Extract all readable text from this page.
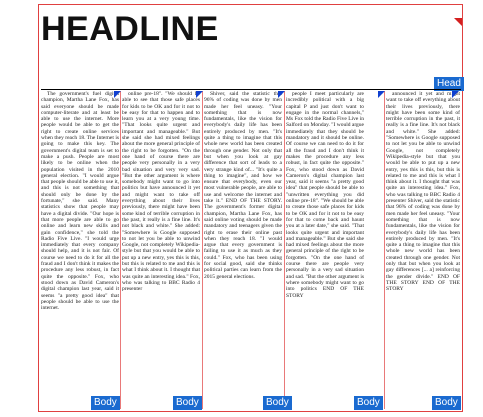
HEADLINE
Head

The government's fuel digital champion, Martha Lane Fox, has said everyone should be made computer-literate and at least be able to use the internet. More people would be able to get the right to create online services when they reach 18. The Internet is going to make this key. The government's digital team is set to make a push. People are most likely to be online when the population visited in the 2010 general election. "I would argue that people should be able to use it, and this is not something that should only be done by the fortunate," she said. Many statistics show that people may have a digital divide. "Our hope is that more people are able to go online and learn new skills and gain confidence," she told the Radio Five Live. "I would urge immediately that every company should help, and it is not fair. Of course we need to do it for all the fraud and I don't think it makes the procedure any less robust, in fact quite the opposite." Fox, who stood down as David Cameron's digital champion last year, said it seems "a pretty good idea" that people should be able to use the internet.

online pre-18". "We should be able to see that those safe places for kids to be OK and for it not to be easy for that to happen and to learn you at a very young time. "That looks quite urgent and important and manageable." But she said she had mixed feelings about the more general principle of the right to be forgotten. "On the one hand of course there are people very personally in a very bad situation and very very sad. "But the other argument is where somebody might want to go into politics but have announced it yet and might want to take off everything about their lives previously, there might have been some kind of terrible corruption in the past, it really is a fine line. It's not black and white." She added: "Somewhere is Google supposed to not let you be able to unwind Google, not completely Wikipedia-style but that you would be able to put up a new entry, yes this is this, but this is related to me and this is what I think about it. I thought that was quite an interesting idea." Fox, who was talking to BBC Radio 4 presenter

Shiver, said the statistic that 96% of coding was done by men made her feel uneasy. "Your something that is now fundamentals, like the vision for everybody's daily life has been entirely produced by men. "It's quite a thing to imagine that this whole new world has been created through one gender. Not only that but when you look at gay difference that sort of leads to a very strange kind of... "It's quite a thing to imagine", and how we ensure that everybody, even our most vulnerable people, are able to use and welcome the internet and take it." END OF THE STORY. The government's former digital champion, Martha Lane Fox, has said online voting should be made mandatory and teenagers given the right to erase their online past when they reach 18. "I would argue that every government is failing to use it as much as they could." Fox, who has been using for social good, said she thinks political parties can learn from the 2015 general elections.

people I meet particularly are incredibly political with a big capital P and just don't want to engage in the normal channels," Ms Fox told the Radio Five Live in Salford on Monday. "I would argue immediately that they should be mandatory and it should be online. Of course we can need to do it for all the fraud and I don't think it makes the procedure any less robust, in fact quite the opposite." Fox, who stood down as David Cameron's digital champion last year, said it seems "a pretty good idea" that people should be able to "unwritten everything you did online pre-18". "We should be able to create those safe places for kids to be OK and for it not to be easy for that to come back and haunt you at a later date," she said. "That looks quite urgent and important and manageable." But she said she had mixed feelings about the more general principle of the right to be forgotten. "On the one hand of course there are people very personally in a very sad situation and sad. "But the other argument is where somebody might want to go into politics END OF THE STORY

announced it yet and might want to take off everything about their lives previously, there might have been some kind of terrible corruption in the past, it really is a fine line. It's not black and white." She added: "Somewhere is Google supposed to not let you be able to unwind Google, not completely Wikipedia-style but that you would be able to put up a new entry, yes this is this, but this is related to me and this is what I think about it. I thought that was quite an interesting idea." Fox, who was talking to BBC Radio 4 presenter Shiver, said the statistic that 96% of coding was done by men made her feel uneasy. "Your something that is now fundamentals, like the vision for everybody's daily life has been entirely produced by men. "It's quite a thing to imagine that this whole new world has been created through one gender. Not only that but when you look at gay differences [... a] reinforcing the gender divide." END OF THE STORY END OF THE STORY

Body	Body	Body	Body	Body
